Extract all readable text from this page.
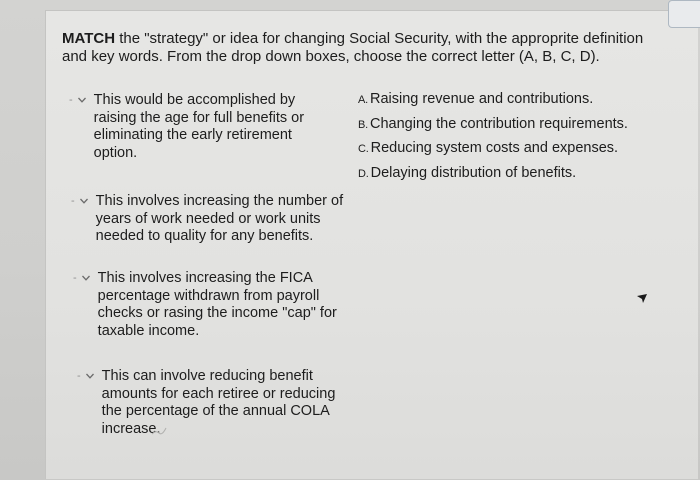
MATCH the "strategy" or idea for changing Social Security, with the approprite definition and key words. From the drop down boxes, choose the correct letter (A, B, C, D).
- This would be accomplished by raising the age for full benefits or eliminating the early retirement option.
- This involves increasing the number of years of work needed or work units needed to quality for any benefits.
- This involves increasing the FICA percentage withdrawn from payroll checks or rasing the income "cap" for taxable income.
- This can involve reducing benefit amounts for each retiree or reducing the percentage of the annual COLA increase.
A. Raising revenue and contributions.
B. Changing the contribution requirements.
C. Reducing system costs and expenses.
D. Delaying distribution of benefits.
